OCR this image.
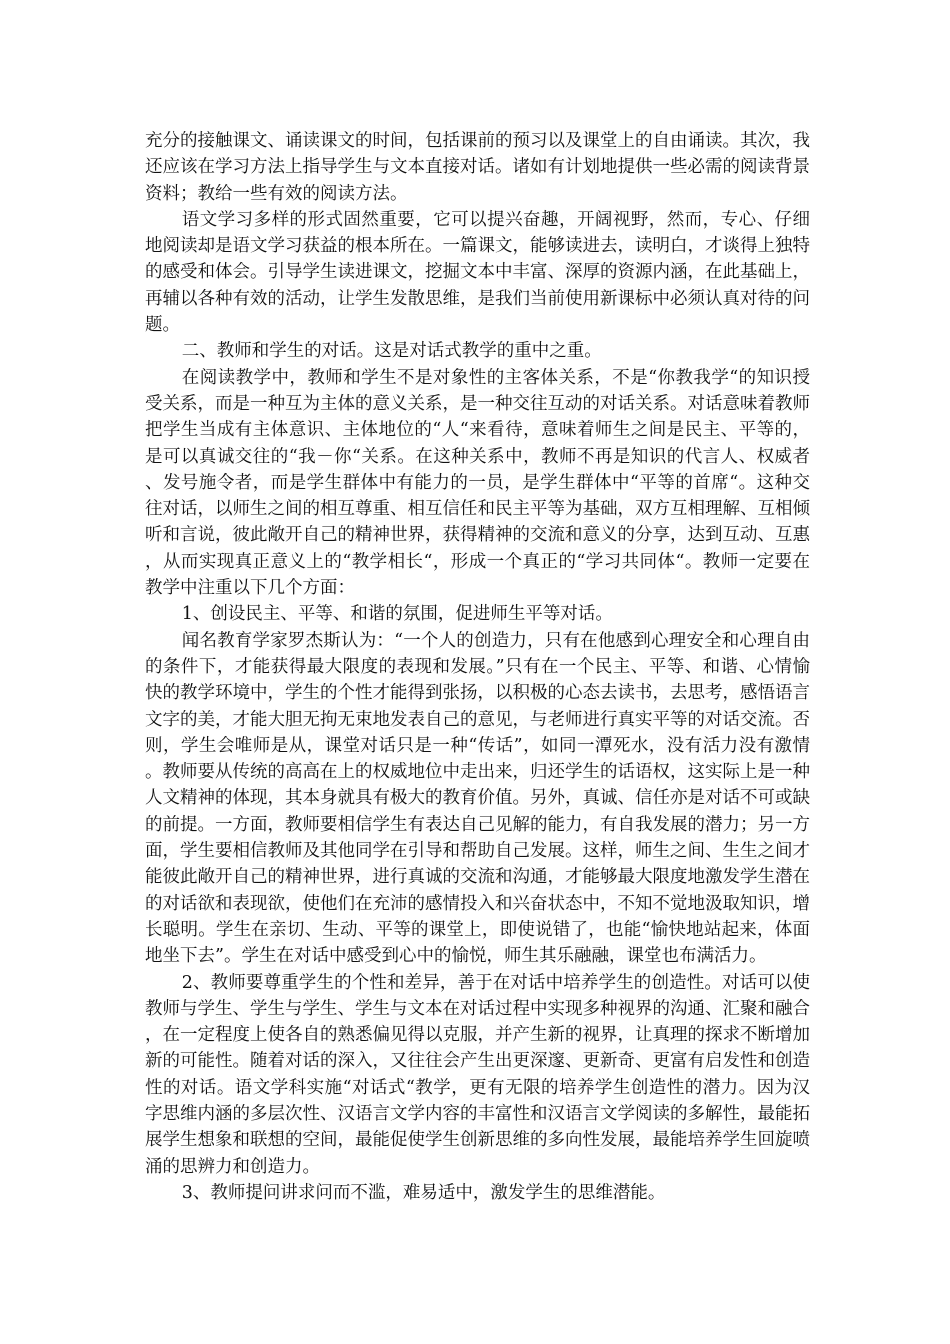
充分的接触课文、诵读课文的时间，包括课前的预习以及课堂上的自由诵读。其次，我还应该在学习方法上指导学生与文本直接对话。诸如有计划地提供一些必需的阅读背景资料；教给一些有效的阅读方法。

语文学习多样的形式固然重要，它可以提兴奋趣，开阔视野，然而，专心、仔细地阅读却是语文学习获益的根本所在。一篇课文，能够读进去，读明白，才谈得上独特的感受和体会。引导学生读进课文，挖掘文本中丰富、深厚的资源内涵，在此基础上，再辅以各种有效的活动，让学生发散思维，是我们当前使用新课标中必须认真对待的问题。

二、教师和学生的对话。这是对话式教学的重中之重。

在阅读教学中，教师和学生不是对象性的主客体关系，不是“你教我学“的知识授受关系，而是一种互为主体的意义关系，是一种交往互动的对话关系。对话意味着教师把学生当成有主体意识、主体地位的“人“来看待，意味着师生之间是民主、平等的，是可以真诚交往的“我－你“关系。在这种关系中，教师不再是知识的代言人、权威者、发号施令者，而是学生群体中有能力的一员，是学生群体中“平等的首席“。这种交往对话，以师生之间的相互尊重、相互信任和民主平等为基础，双方互相理解、互相倾听和言说，彼此敞开自己的精神世界，获得精神的交流和意义的分享，达到互动、互惠，从而实现真正意义上的“教学相长“，形成一个真正的“学习共同体“。教师一定要在教学中注重以下几个方面：

1、创设民主、平等、和谐的氛围，促进师生平等对话。

闻名教育学家罗杰斯认为：“一个人的创造力，只有在他感到心理安全和心理自由的条件下，才能获得最大限度的表现和发展。”只有在一个民主、平等、和谐、心情愉快的教学环境中，学生的个性才能得到张扬，以积极的心态去读书，去思考，感悟语言文字的美，才能大胆无拘无束地发表自己的意见，与老师进行真实平等的对话交流。否则，学生会唯师是从，课堂对话只是一种“传话”，如同一潭死水，没有活力没有激情。教师要从传统的高高在上的权威地位中走出来，归还学生的话语权，这实际上是一种人文精神的体现，其本身就具有极大的教育价值。另外，真诚、信任亦是对话不可或缺的前提。一方面，教师要相信学生有表达自己见解的能力，有自我发展的潜力；另一方面，学生要相信教师及其他同学在引导和帮助自己发展。这样，师生之间、生生之间才能彼此敞开自己的精神世界，进行真诚的交流和沟通，才能够最大限度地激发学生潜在的对话欲和表现欲，使他们在充沛的感情投入和兴奋状态中，不知不觉地汲取知识，增长聪明。学生在亲切、生动、平等的课堂上，即使说错了，也能“愉快地站起来，体面地坐下去”。学生在对话中感受到心中的愉悦，师生其乐融融，课堂也布满活力。

2、教师要尊重学生的个性和差异，善于在对话中培养学生的创造性。对话可以使教师与学生、学生与学生、学生与文本在对话过程中实现多种视界的沟通、汇聚和融合，在一定程度上使各自的熟悉偏见得以克服，并产生新的视界，让真理的探求不断增加新的可能性。随着对话的深入，又往往会产生出更深邃、更新奇、更富有启发性和创造性的对话。语文学科实施“对话式“教学，更有无限的培养学生创造性的潜力。因为汉字思维内涵的多层次性、汉语言文学内容的丰富性和汉语言文学阅读的多解性，最能拓展学生想象和联想的空间，最能促使学生创新思维的多向性发展，最能培养学生回旋喷涌的思辨力和创造力。

3、教师提问讲求问而不滥，难易适中，激发学生的思维潜能。
